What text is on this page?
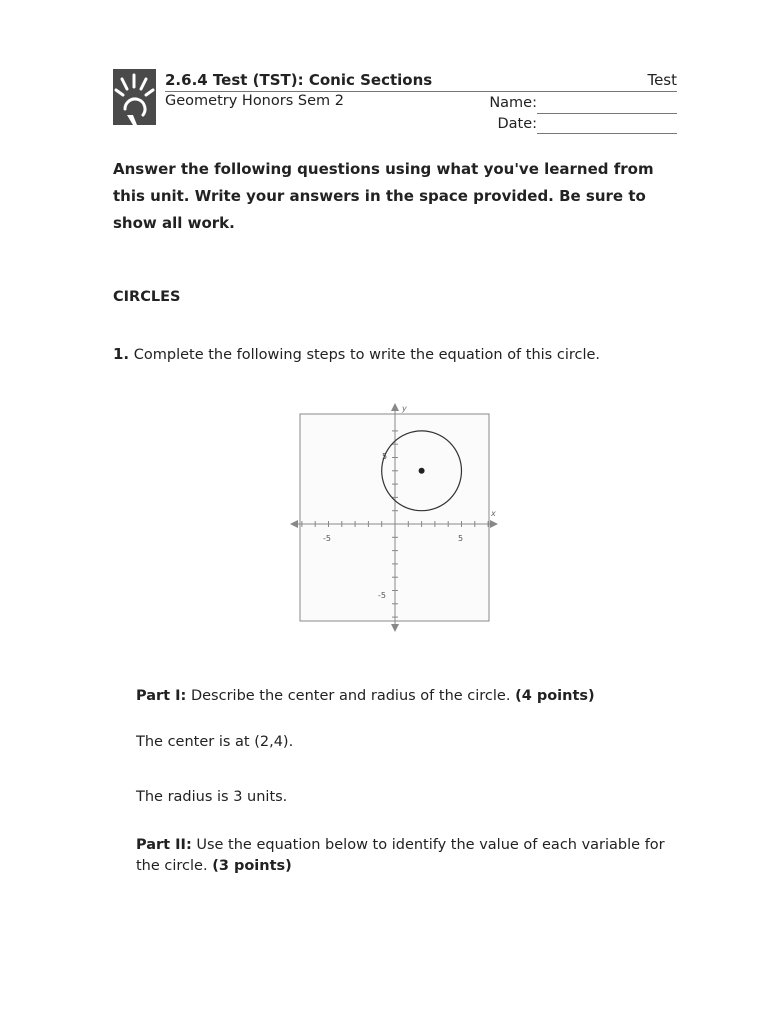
2.6.4 Test (TST): Conic Sections	Test
Geometry Honors Sem 2	Name:
Date:
Answer the following questions using what you've learned from this unit. Write your answers in the space provided. Be sure to show all work.
CIRCLES
1. Complete the following steps to write the equation of this circle.
x
y
-5	5
5
-5
Part I: Describe the center and radius of the circle. (4 points)
The center is at (2,4).
The radius is 3 units.
Part II: Use the equation below to identify the value of each variable for the circle. (3 points)
